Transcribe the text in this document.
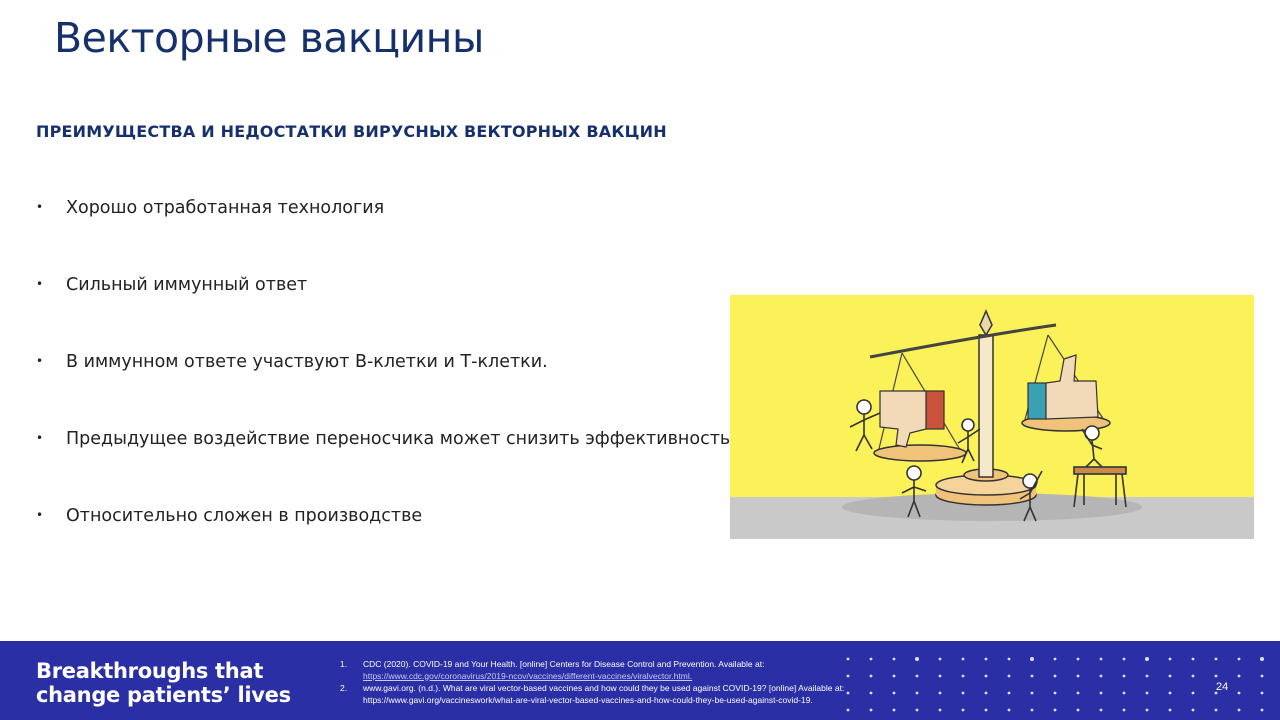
Векторные вакцины
ПРЕИМУЩЕСТВА И НЕДОСТАТКИ ВИРУСНЫХ ВЕКТОРНЫХ ВАКЦИН
• Хорошо отработанная технология
• Сильный иммунный ответ
• В иммунном ответе участвуют В-клетки и Т-клетки.
• Предыдущее воздействие переносчика может снизить эффективность
• Относительно сложен в производстве
Breakthroughs that change patients’ lives
1. CDC (2020). COVID-19 and Your Health. [online] Centers for Disease Control and Prevention. Available at:
https://www.cdc.gov/coronavirus/2019-ncov/vaccines/different-vaccines/viralvector.html.
2. www.gavi.org. (n.d.). What are viral vector-based vaccines and how could they be used against COVID-19? [online] Available at:
https://www.gavi.org/vaccineswork/what-are-viral-vector-based-vaccines-and-how-could-they-be-used-against-covid-19.
24
